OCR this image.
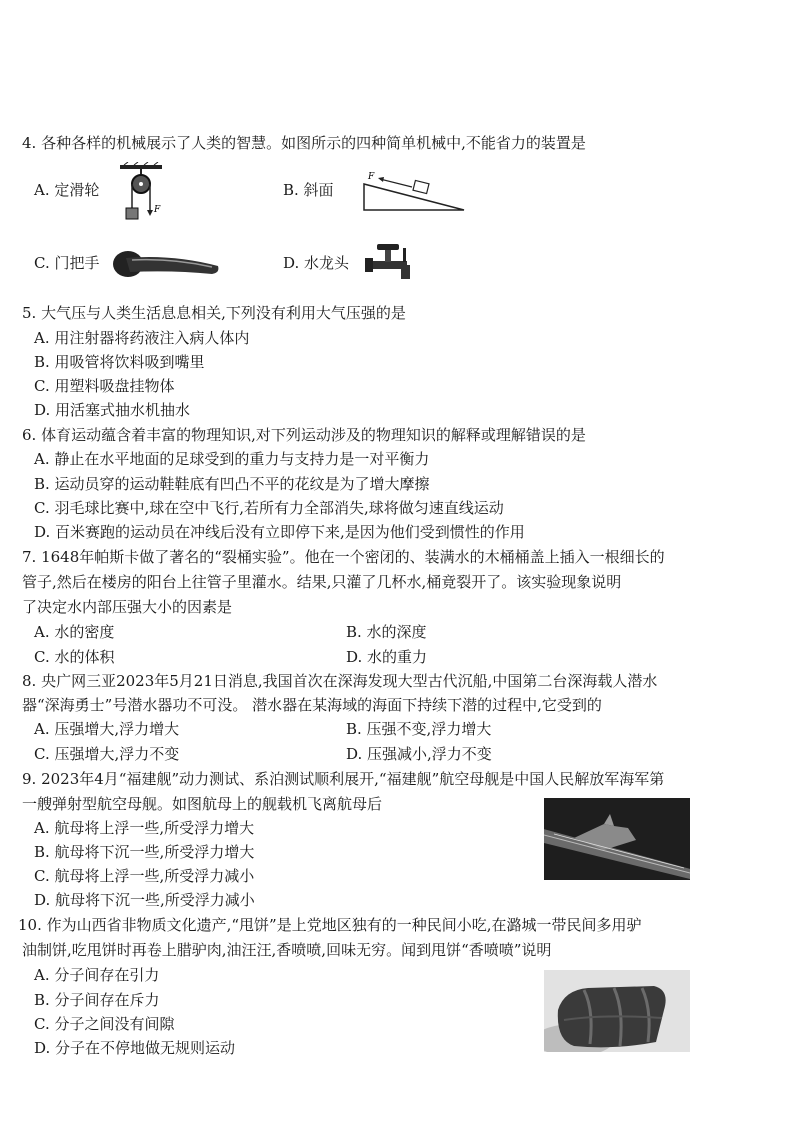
4. 各种各样的机械展示了人类的智慧。如图所示的四种简单机械中,不能省力的装置是
A. 定滑轮
F
B. 斜面
F
C. 门把手	D. 水龙头
5. 大气压与人类生活息息相关,下列没有利用大气压强的是
A. 用注射器将药液注入病人体内
B. 用吸管将饮料吸到嘴里
C. 用塑料吸盘挂物体
D. 用活塞式抽水机抽水
6. 体育运动蕴含着丰富的物理知识,对下列运动涉及的物理知识的解释或理解错误的是
A. 静止在水平地面的足球受到的重力与支持力是一对平衡力
B. 运动员穿的运动鞋鞋底有凹凸不平的花纹是为了增大摩擦
C. 羽毛球比赛中,球在空中飞行,若所有力全部消失,球将做匀速直线运动
D. 百米赛跑的运动员在冲线后没有立即停下来,是因为他们受到惯性的作用
7. 1648年帕斯卡做了著名的“裂桶实验”。他在一个密闭的、装满水的木桶桶盖上插入一根细长的
管子,然后在楼房的阳台上往管子里灌水。结果,只灌了几杯水,桶竟裂开了。该实验现象说明
了决定水内部压强大小的因素是
A. 水的密度	B. 水的深度
C. 水的体积	D. 水的重力
8. 央广网三亚2023年5月21日消息,我国首次在深海发现大型古代沉船,中国第二台深海载人潜水
器“深海勇士”号潜水器功不可没。 潜水器在某海域的海面下持续下潜的过程中,它受到的
A. 压强增大,浮力增大	B. 压强不变,浮力增大
C. 压强增大,浮力不变	D. 压强减小,浮力不变
9. 2023年4月“福建舰”动力测试、系泊测试顺利展开,“福建舰”航空母舰是中国人民解放军海军第
一艘弹射型航空母舰。如图航母上的舰载机飞离航母后
A. 航母将上浮一些,所受浮力增大
B. 航母将下沉一些,所受浮力增大
C. 航母将上浮一些,所受浮力减小
D. 航母将下沉一些,所受浮力减小
10. 作为山西省非物质文化遗产,“甩饼”是上党地区独有的一种民间小吃,在潞城一带民间多用驴
油制饼,吃甩饼时再卷上腊驴肉,油汪汪,香喷喷,回味无穷。闻到甩饼“香喷喷”说明
A. 分子间存在引力
B. 分子间存在斥力
C. 分子之间没有间隙
D. 分子在不停地做无规则运动
